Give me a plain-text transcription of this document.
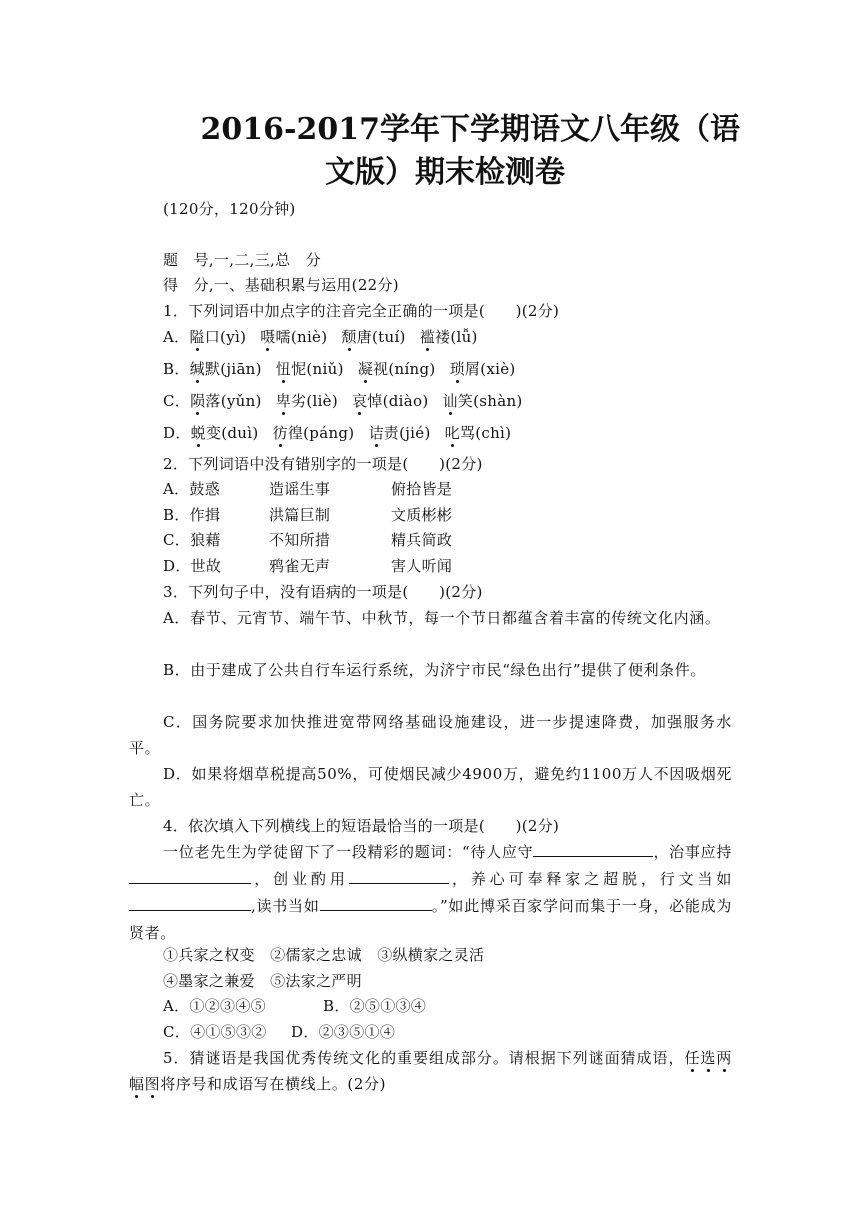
2016-2017学年下学期语文八年级（语
文版）期末检测卷
(120分，120分钟)
题　号,一,二,三,总　分
得　分,一、基础积累与运用(22分)
1．下列词语中加点字的注音完全正确的一项是(　　)(2分)
A．隘口(yì) 嗫嚅(niè) 颓唐(tuí) 褴褛(lǚ)
B．缄默(jiān) 忸怩(niǔ) 凝视(níng) 琐屑(xiè)
C．陨落(yǔn) 卑劣(liè) 哀悼(diào) 讪笑(shàn)
D．蜕变(duì) 彷徨(páng) 诘责(jié) 叱骂(chì)
2．下列词语中没有错别字的一项是(　　)(2分)
A．鼓惑	造谣生事	俯拾皆是
B．作揖	洪篇巨制	文质彬彬
C．狼藉	不知所措	精兵简政
D．世故	鸦雀无声	害人听闻
3．下列句子中，没有语病的一项是(　　)(2分)
A．春节、元宵节、端午节、中秋节，每一个节日都蕴含着丰富的传统文化内涵。
B．由于建成了公共自行车运行系统，为济宁市民“绿色出行”提供了便利条件。
C．国务院要求加快推进宽带网络基础设施建设，进一步提速降费，加强服务水平。
D．如果将烟草税提高50%，可使烟民减少4900万，避免约1100万人不因吸烟死亡。
4．依次填入下列横线上的短语最恰当的一项是(　　)(2分)
一位老先生为学徒留下了一段精彩的题词：“待人应守	，治事应持，创业酌用	，养心可奉释家之超脱，行文当如,读书当如	。”如此博采百家学问而集于一身，必能成为贤者。
①兵家之权变　②儒家之忠诚　③纵横家之灵活
④墨家之兼爱　⑤法家之严明
A．①②③④⑤	B．②⑤①③④
C．④①⑤③② D．②③⑤①④
5．猜谜语是我国优秀传统文化的重要组成部分。请根据下列谜面猜成语，任选两幅图将序号和成语写在横线上。(2分)
